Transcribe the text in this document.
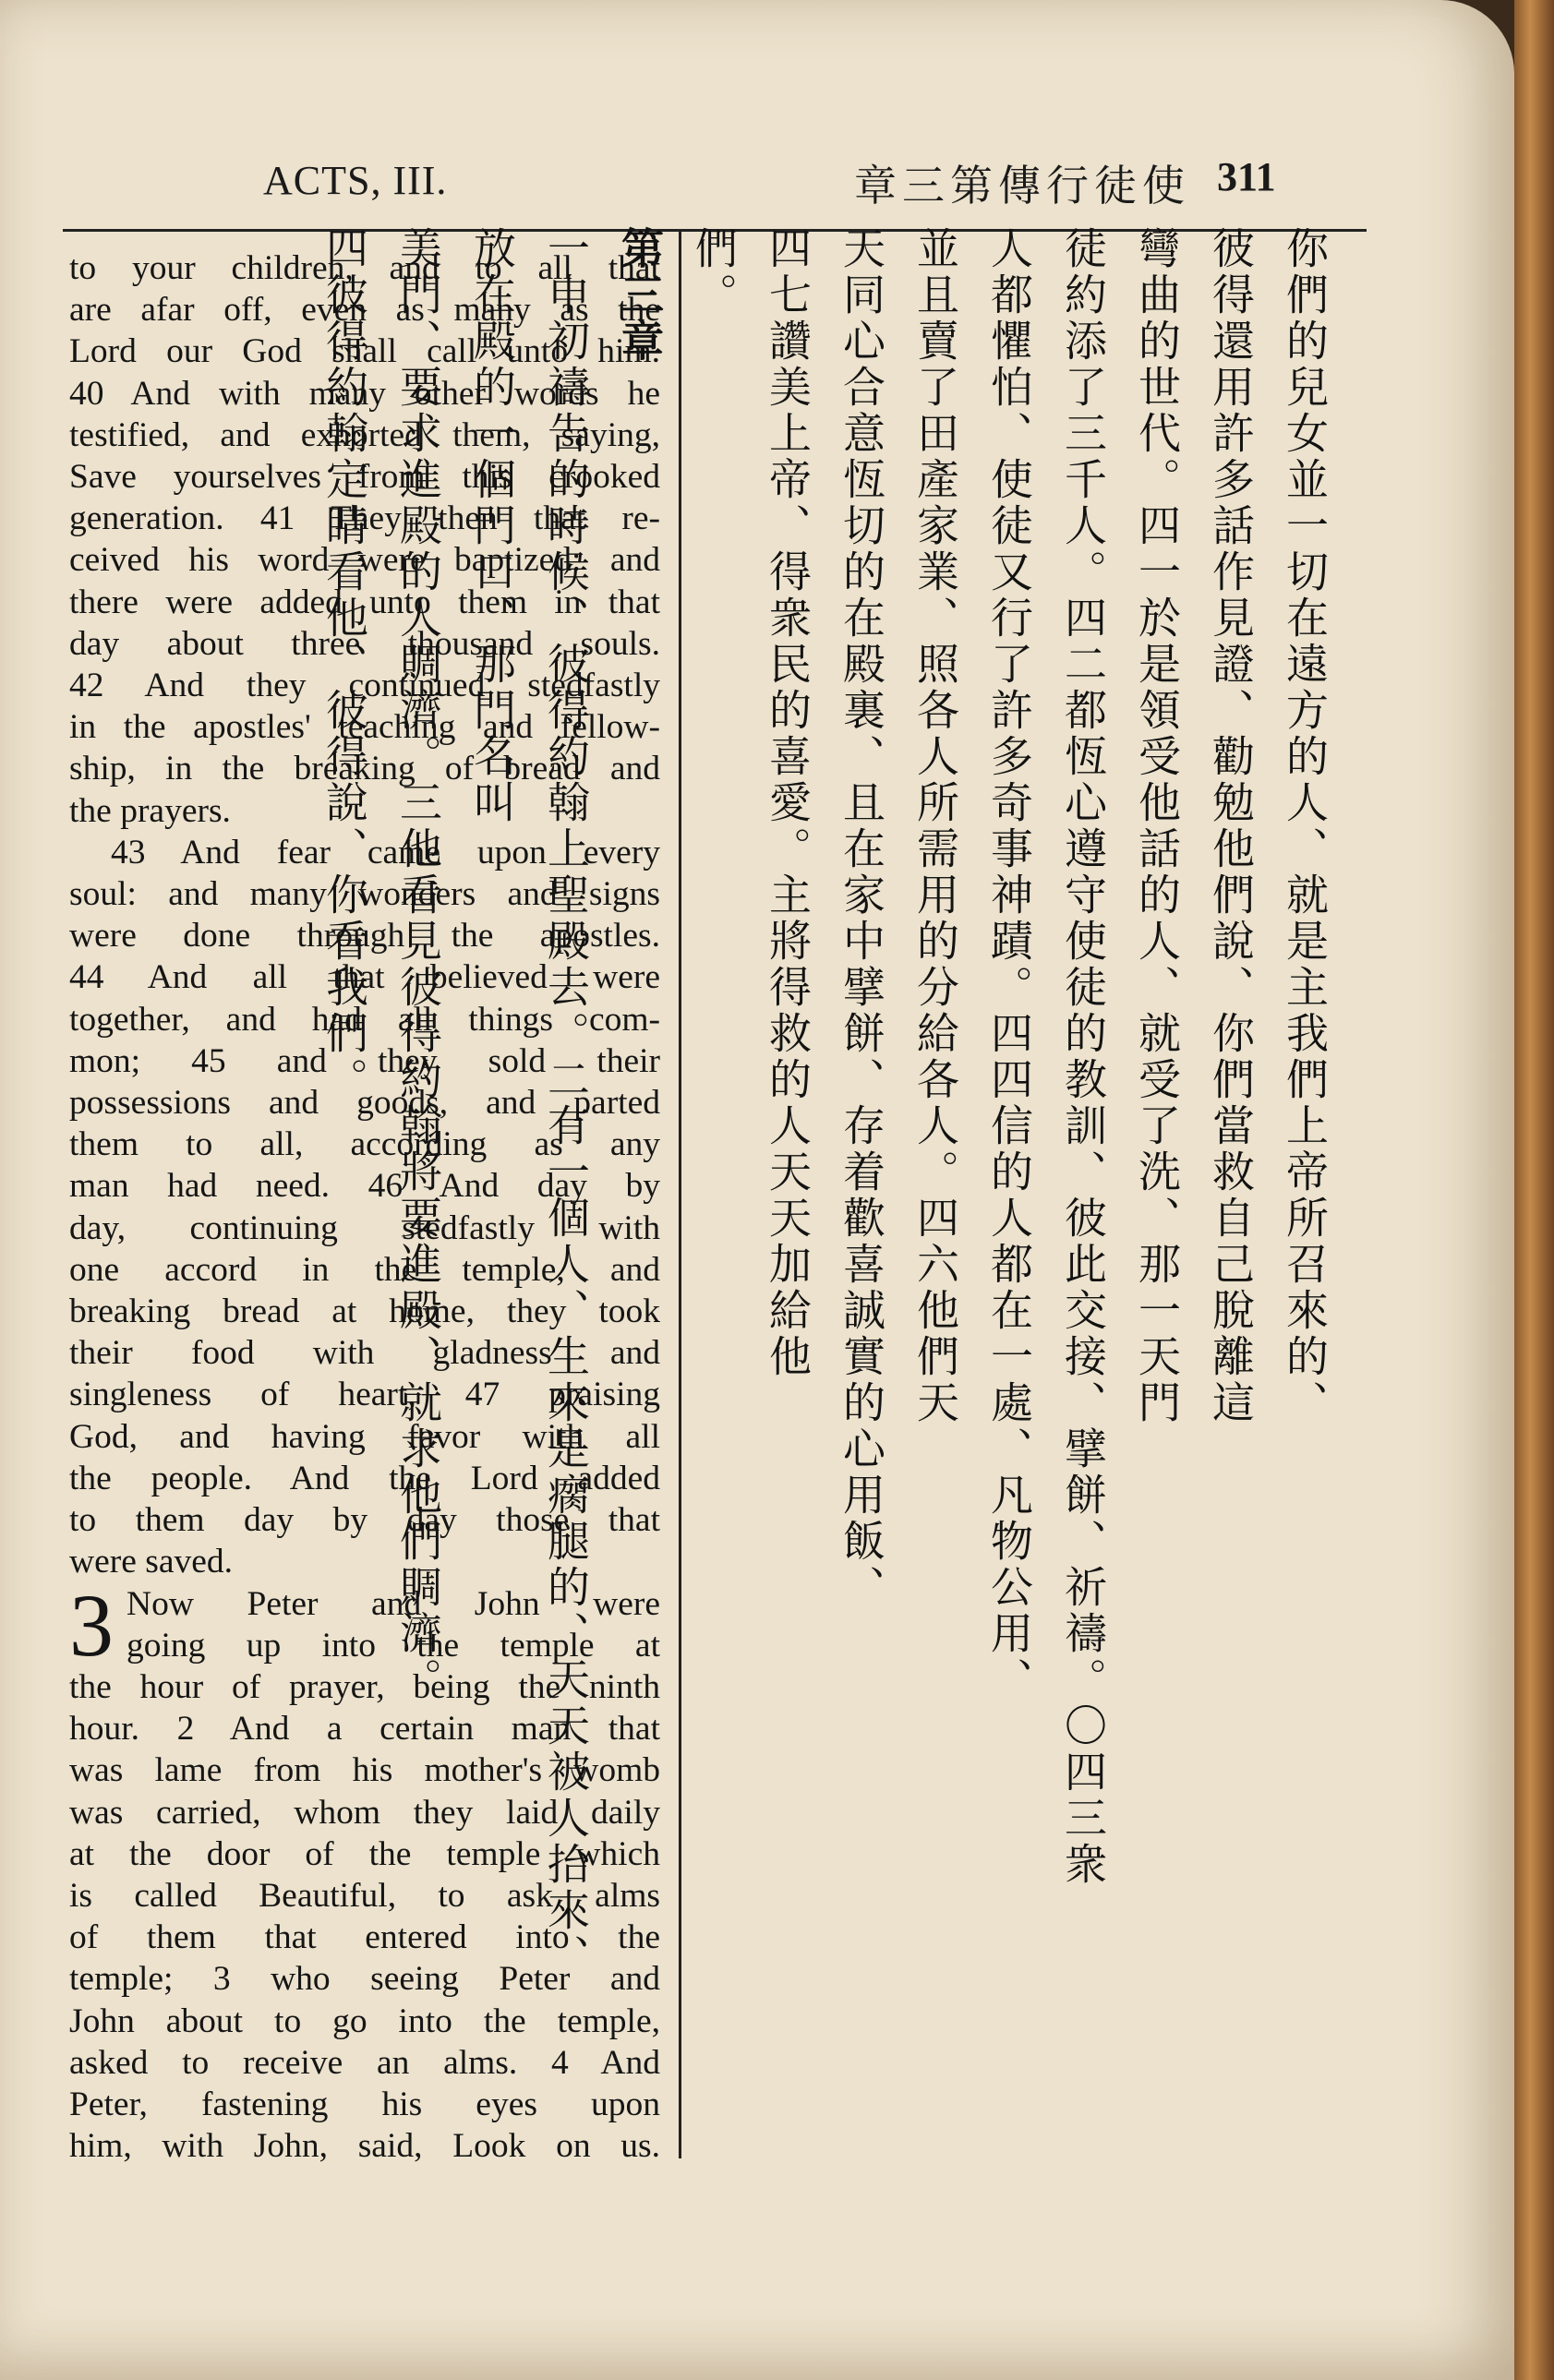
ACTS, III.	章三第傳行徒使 311
to your children, and to all that
are afar off, even as many as the
Lord our God shall call unto him.
40 And with many other words he
testified, and exhorted them, saying,
Save yourselves from this crooked
generation. 41 They then that re-
ceived his word were baptized: and
there were added unto them in that
day about three thousand souls.
42 And they continued stedfastly
in the apostles' teaching and fellow-
ship, in the breaking of bread and
the prayers.
43 And fear came upon every
soul: and many wonders and signs
were done through the apostles.
44 And all that believed were
together, and had all things com-
mon; 45 and they sold their
possessions and goods, and parted
them to all, according as any
man had need. 46 And day by
day, continuing stedfastly with
one accord in the temple, and
breaking bread at home, they took
their food with gladness and
singleness of heart, 47 praising
God, and having favor with all
the people. And the Lord added
to them day by day those that
were saved.
3 Now Peter and John were
going up into the temple at
the hour of prayer, being the ninth
hour. 2 And a certain man that
was lame from his mother's womb
was carried, whom they laid daily
at the door of the temple which
is called Beautiful, to ask alms
of them that entered into the
temple; 3 who seeing Peter and
John about to go into the temple,
asked to receive an alms. 4 And
Peter, fastening his eyes upon
him, with John, said, Look on us.
你們的兒女並一切在遠方的人、就是主我們上帝所召來的、
彼得還用許多話作見證、勸勉他們說、你們當救自己脫離這
彎曲的世代。四一於是領受他話的人、就受了洗、那一天門
徒約添了三千人。四二都恆心遵守使徒的教訓、彼此交接、擘餅、祈禱。〇四三衆
人都懼怕、使徒又行了許多奇事神蹟。四四信的人都在一處、凡物公用、
並且賣了田產家業、照各人所需用的分給各人。四六他們天
天同心合意恆切的在殿裏、且在家中擘餅、存着歡喜誠實的心用飯、
四七讚美上帝、得衆民的喜愛。主將得救的人天天加給他
們。
第三章
一申初禱告的時候、彼得約翰上聖殿去。二有一個人、生來是瘸腿的、天天被人抬來、
放在殿的一個門口、那門名叫
美門、要求進殿的人賙濟。三他看見彼得約翰將要進殿、就求他們賙濟。
四彼得約翰定睛看他、彼得說、你看我們。
